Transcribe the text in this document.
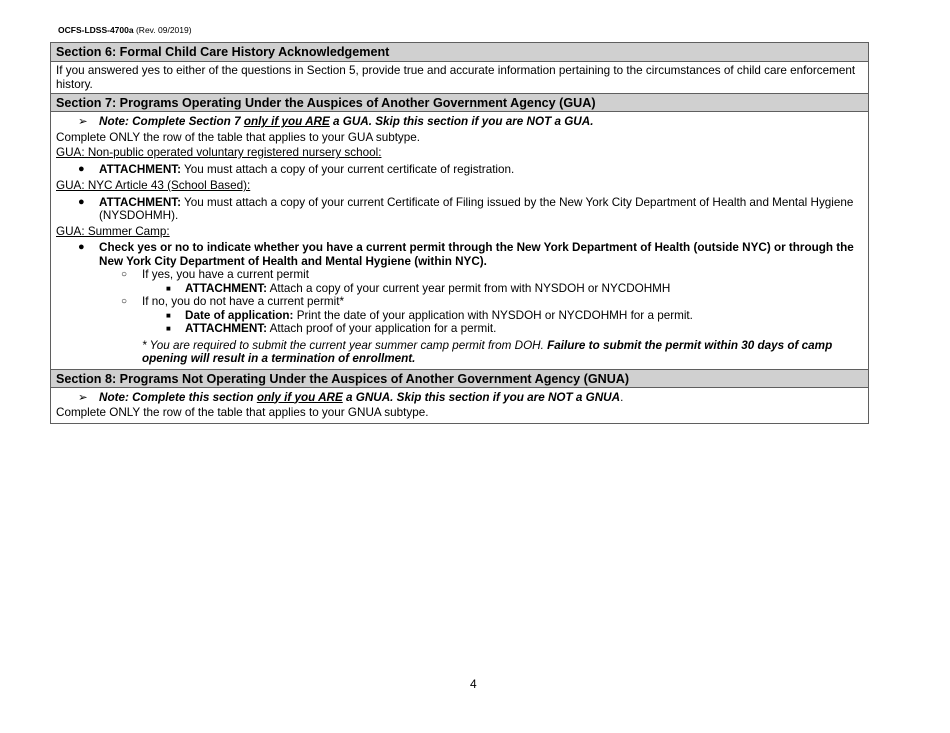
OCFS-LDSS-4700a (Rev. 09/2019)
Section 6: Formal Child Care History Acknowledgement
If you answered yes to either of the questions in Section 5, provide true and accurate information pertaining to the circumstances of child care enforcement history.
Section 7: Programs Operating Under the Auspices of Another Government Agency (GUA)
➢ Note: Complete Section 7 only if you ARE a GUA. Skip this section if you are NOT a GUA.
Complete ONLY the row of the table that applies to your GUA subtype.
GUA: Non-public operated voluntary registered nursery school:
● ATTACHMENT: You must attach a copy of your current certificate of registration.
GUA: NYC Article 43 (School Based):
● ATTACHMENT: You must attach a copy of your current Certificate of Filing issued by the New York City Department of Health and Mental Hygiene (NYSDOHMH).
GUA: Summer Camp:
● Check yes or no to indicate whether you have a current permit through the New York Department of Health (outside NYC) or through the New York City Department of Health and Mental Hygiene (within NYC).
○ If yes, you have a current permit
■ ATTACHMENT: Attach a copy of your current year permit from with NYSDOH or NYCDOHMH
○ If no, you do not have a current permit*
■ Date of application: Print the date of your application with NYSDOH or NYCDOHMH for a permit.
■ ATTACHMENT: Attach proof of your application for a permit.
* You are required to submit the current year summer camp permit from DOH. Failure to submit the permit within 30 days of camp opening will result in a termination of enrollment.
Section 8: Programs Not Operating Under the Auspices of Another Government Agency (GNUA)
➢ Note: Complete this section only if you ARE a GNUA. Skip this section if you are NOT a GNUA.
Complete ONLY the row of the table that applies to your GNUA subtype.
4
